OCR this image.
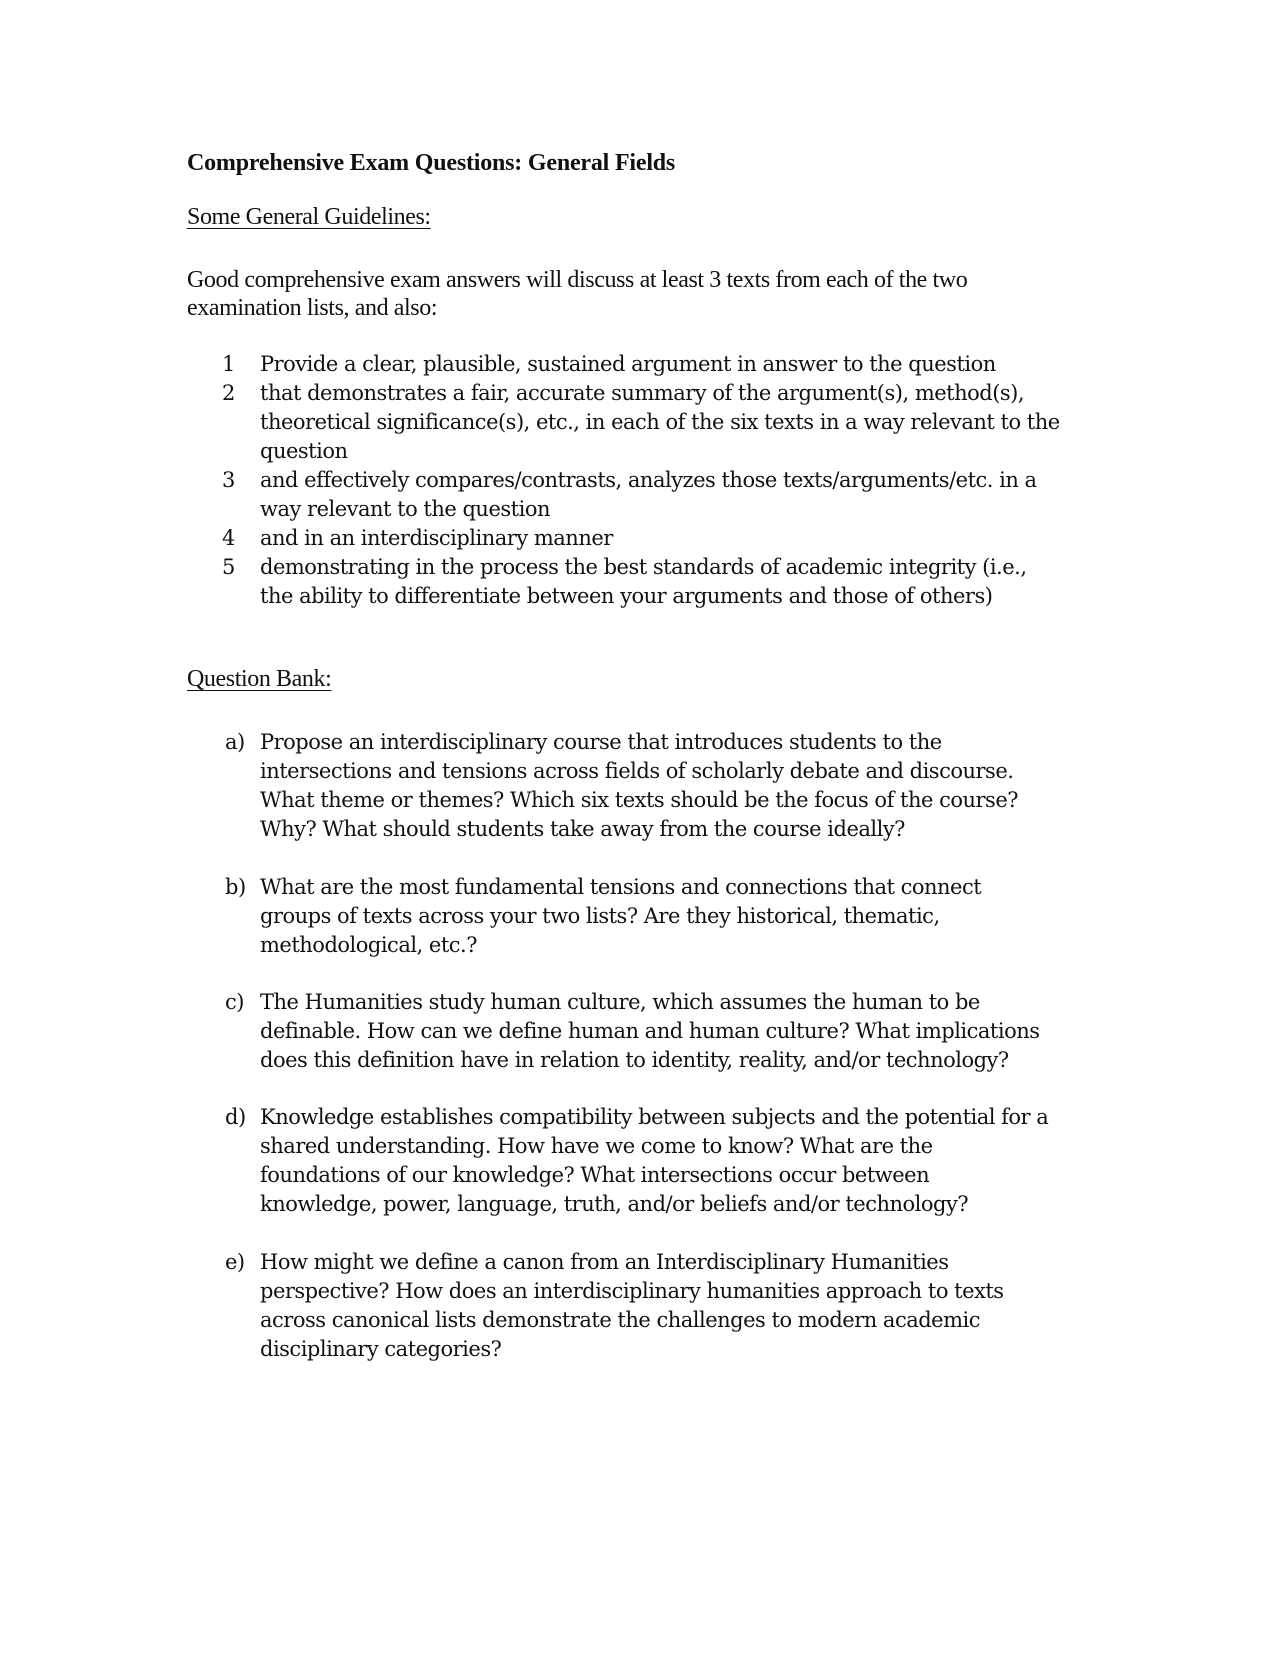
Comprehensive Exam Questions: General Fields
Some General Guidelines:
Good comprehensive exam answers will discuss at least 3 texts from each of the two
examination lists, and also:
1	Provide a clear, plausible, sustained argument in answer to the question
2	that demonstrates a fair, accurate summary of the argument(s), method(s),
theoretical significance(s), etc., in each of the six texts in a way relevant to the
question
3	and effectively compares/contrasts, analyzes those texts/arguments/etc. in a
way relevant to the question
4	and in an interdisciplinary manner
5	demonstrating in the process the best standards of academic integrity (i.e.,
the ability to differentiate between your arguments and those of others)
Question Bank:
a) Propose an interdisciplinary course that introduces students to the
intersections and tensions across fields of scholarly debate and discourse.
What theme or themes? Which six texts should be the focus of the course?
Why? What should students take away from the course ideally?
b) What are the most fundamental tensions and connections that connect
groups of texts across your two lists? Are they historical, thematic,
methodological, etc.?
c) The Humanities study human culture, which assumes the human to be
definable. How can we define human and human culture? What implications
does this definition have in relation to identity, reality, and/or technology?
d) Knowledge establishes compatibility between subjects and the potential for a
shared understanding. How have we come to know? What are the
foundations of our knowledge? What intersections occur between
knowledge, power, language, truth, and/or beliefs and/or technology?
e) How might we define a canon from an Interdisciplinary Humanities
perspective? How does an interdisciplinary humanities approach to texts
across canonical lists demonstrate the challenges to modern academic
disciplinary categories?
